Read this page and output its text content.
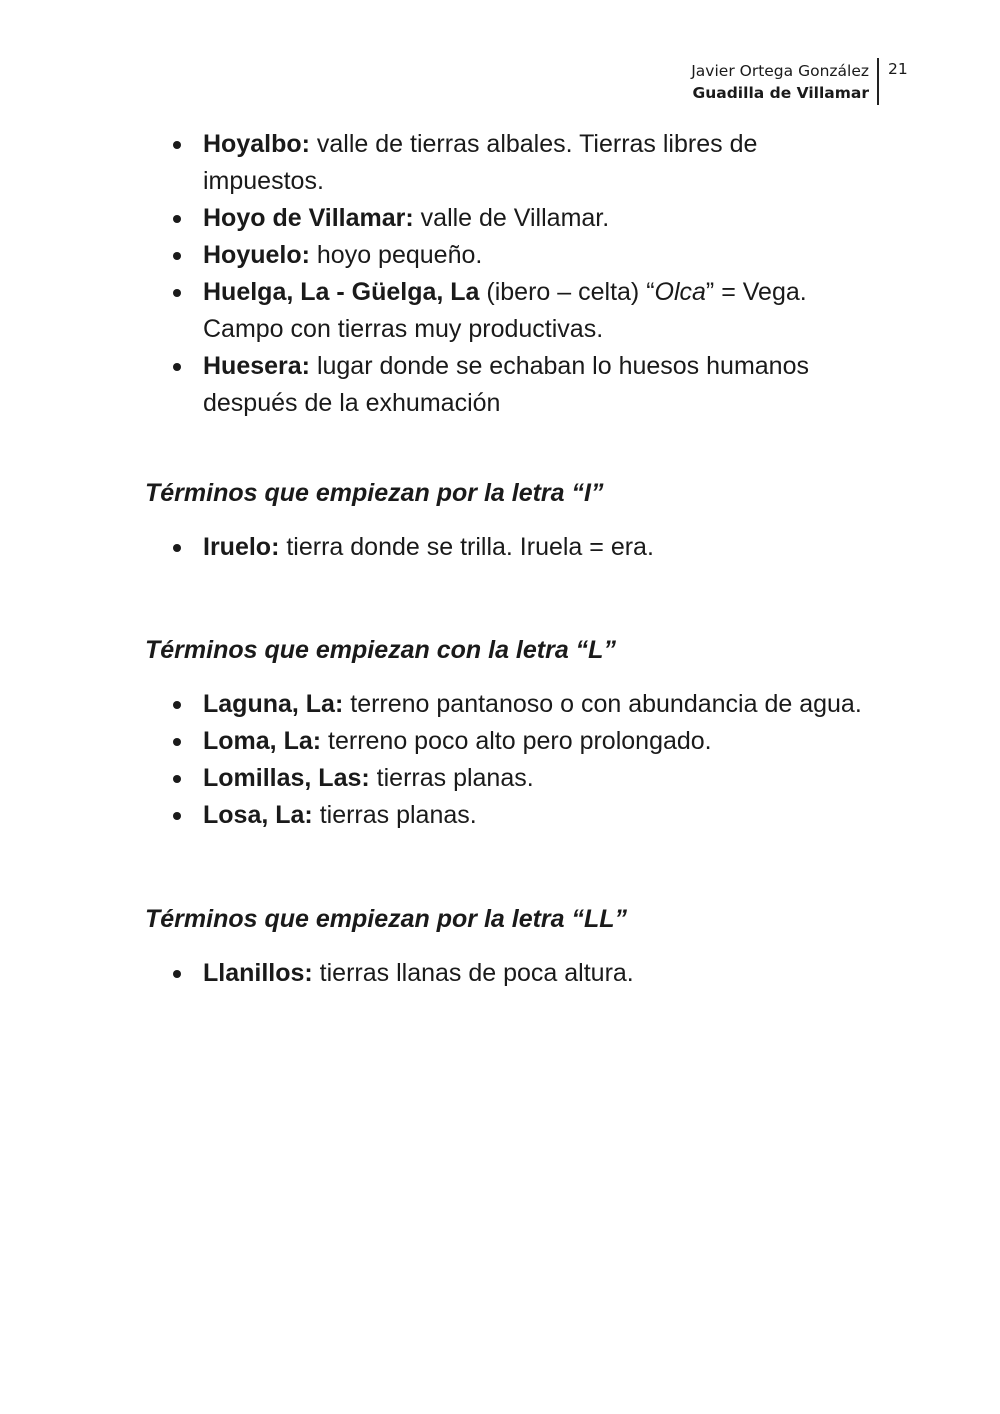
Javier Ortega González
Guadilla de Villamar
21
Hoyalbo: valle de tierras albales. Tierras libres de impuestos.
Hoyo de Villamar: valle de Villamar.
Hoyuelo: hoyo pequeño.
Huelga, La - Güelga, La (ibero – celta) “Olca” = Vega. Campo con tierras muy productivas.
Huesera: lugar donde se echaban lo huesos humanos después de la exhumación
Términos que empiezan por la letra “I”
Iruelo: tierra donde se trilla. Iruela = era.
Términos que empiezan con la letra “L”
Laguna, La: terreno pantanoso o con abundancia de agua.
Loma, La: terreno poco alto pero prolongado.
Lomillas, Las: tierras planas.
Losa, La: tierras planas.
Términos que empiezan por la letra “LL”
Llanillos: tierras llanas de poca altura.
